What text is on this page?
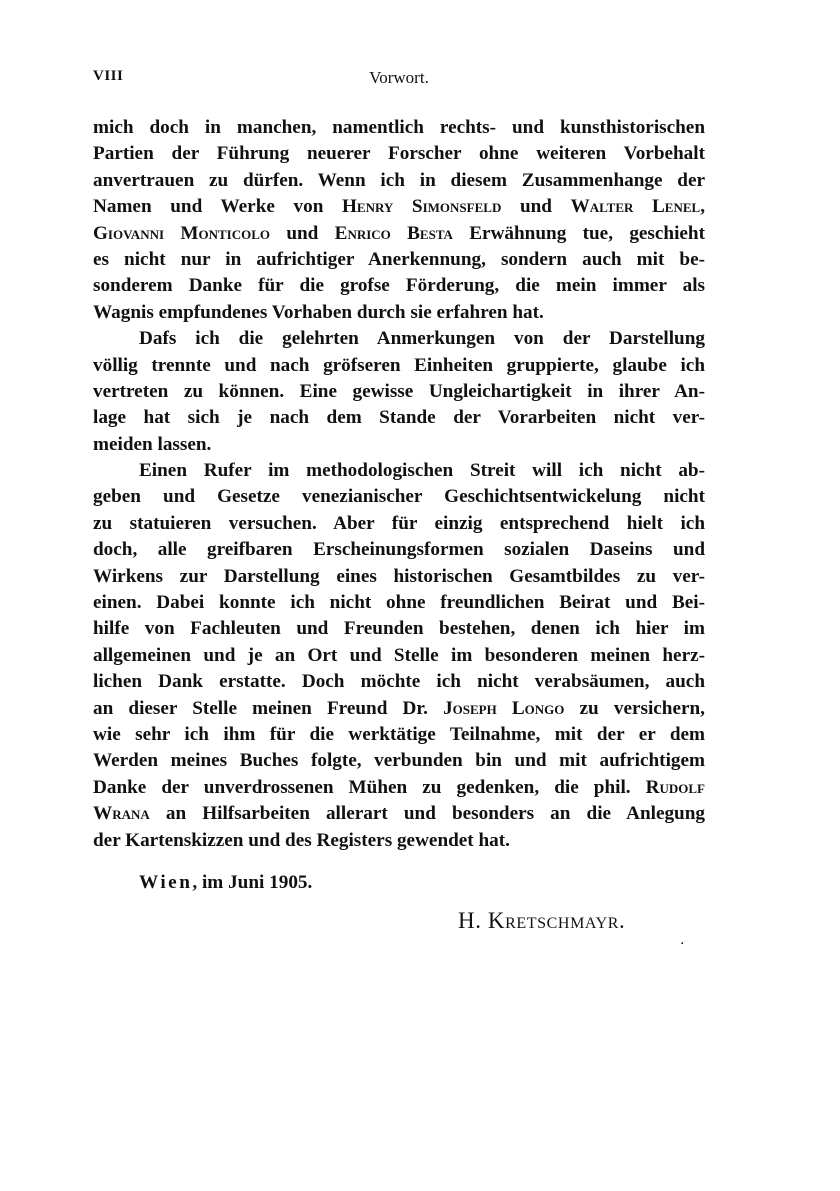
VIII	Vorwort.
mich doch in manchen, namentlich rechts- und kunsthistorischen
Partien der Führung neuerer Forscher ohne weiteren Vorbehalt
anvertrauen zu dürfen. Wenn ich in diesem Zusammenhange der
Namen und Werke von Henry Simonsfeld und Walter Lenel,
Giovanni Monticolo und Enrico Besta Erwähnung tue, geschieht
es nicht nur in aufrichtiger Anerkennung, sondern auch mit be-
sonderem Danke für die grofse Förderung, die mein immer als
Wagnis empfundenes Vorhaben durch sie erfahren hat.
Dafs ich die gelehrten Anmerkungen von der Darstellung
völlig trennte und nach gröfseren Einheiten gruppierte, glaube ich
vertreten zu können. Eine gewisse Ungleichartigkeit in ihrer An-
lage hat sich je nach dem Stande der Vorarbeiten nicht ver-
meiden lassen.
Einen Rufer im methodologischen Streit will ich nicht ab-
geben und Gesetze venezianischer Geschichtsentwickelung nicht
zu statuieren versuchen. Aber für einzig entsprechend hielt ich
doch, alle greifbaren Erscheinungsformen sozialen Daseins und
Wirkens zur Darstellung eines historischen Gesamtbildes zu ver-
einen. Dabei konnte ich nicht ohne freundlichen Beirat und Bei-
hilfe von Fachleuten und Freunden bestehen, denen ich hier im
allgemeinen und je an Ort und Stelle im besonderen meinen herz-
lichen Dank erstatte. Doch möchte ich nicht verabsäumen, auch
an dieser Stelle meinen Freund Dr. Joseph Longo zu versichern,
wie sehr ich ihm für die werktätige Teilnahme, mit der er dem
Werden meines Buches folgte, verbunden bin und mit aufrichtigem
Danke der unverdrossenen Mühen zu gedenken, die phil. Rudolf
Wrana an Hilfsarbeiten allerart und besonders an die Anlegung
der Kartenskizzen und des Registers gewendet hat.
Wien, im Juni 1905.
H. Kretschmayr.
.
